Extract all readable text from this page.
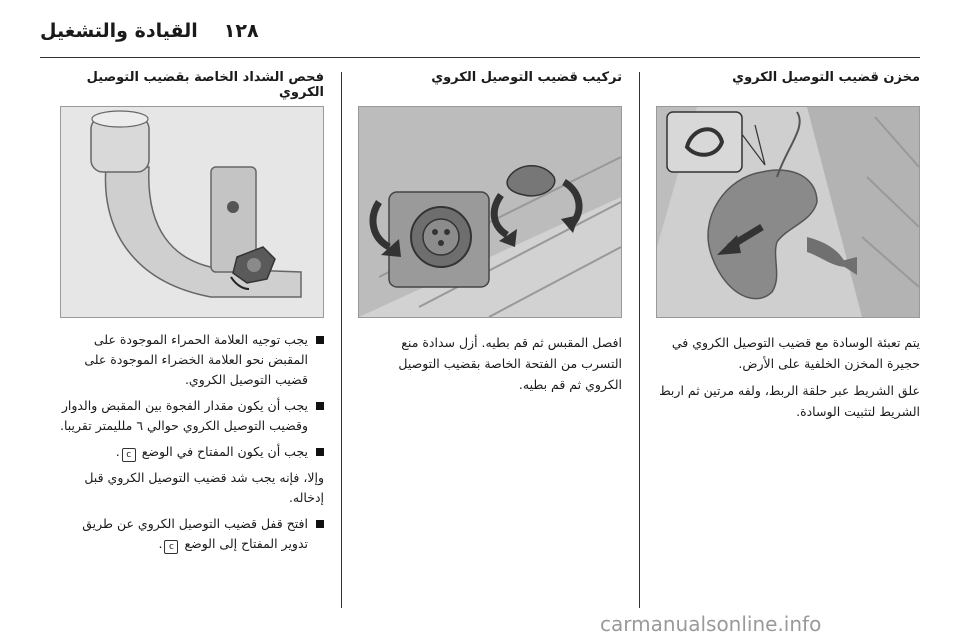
١٢٨
القيادة والتشغيل
مخزن قضيب التوصيل الكروي

يتم تعبئة الوسادة مع قضيب التوصيل الكروي في حجيرة المخزن الخلفية على الأرض.

علق الشريط عبر حلقة الربط، ولفه مرتين ثم اربط الشريط لتثبيت الوسادة.

تركيب قضيب التوصيل الكروي

افصل المقبس ثم قم بطيه. أزل سدادة منع التسرب من الفتحة الخاصة بقضيب التوصيل الكروي ثم قم بطيه.

فحص الشداد الخاصة بقضيب التوصيل الكروي
يجب توجيه العلامة الحمراء الموجودة على المقبض نحو العلامة الخضراء الموجودة على قضيب التوصيل الكروي.
يجب أن يكون مقدار الفجوة بين المقبض والدوار وقضيب التوصيل الكروي حوالي ٦ ملليمتر تقريبا.
يجب أن يكون المفتاح في الوضع c.
وإلا، فإنه يجب شد قضيب التوصيل الكروي قبل إدخاله.
افتح قفل قضيب التوصيل الكروي عن طريق تدوير المفتاح إلى الوضع c.
carmanualsonline.info
